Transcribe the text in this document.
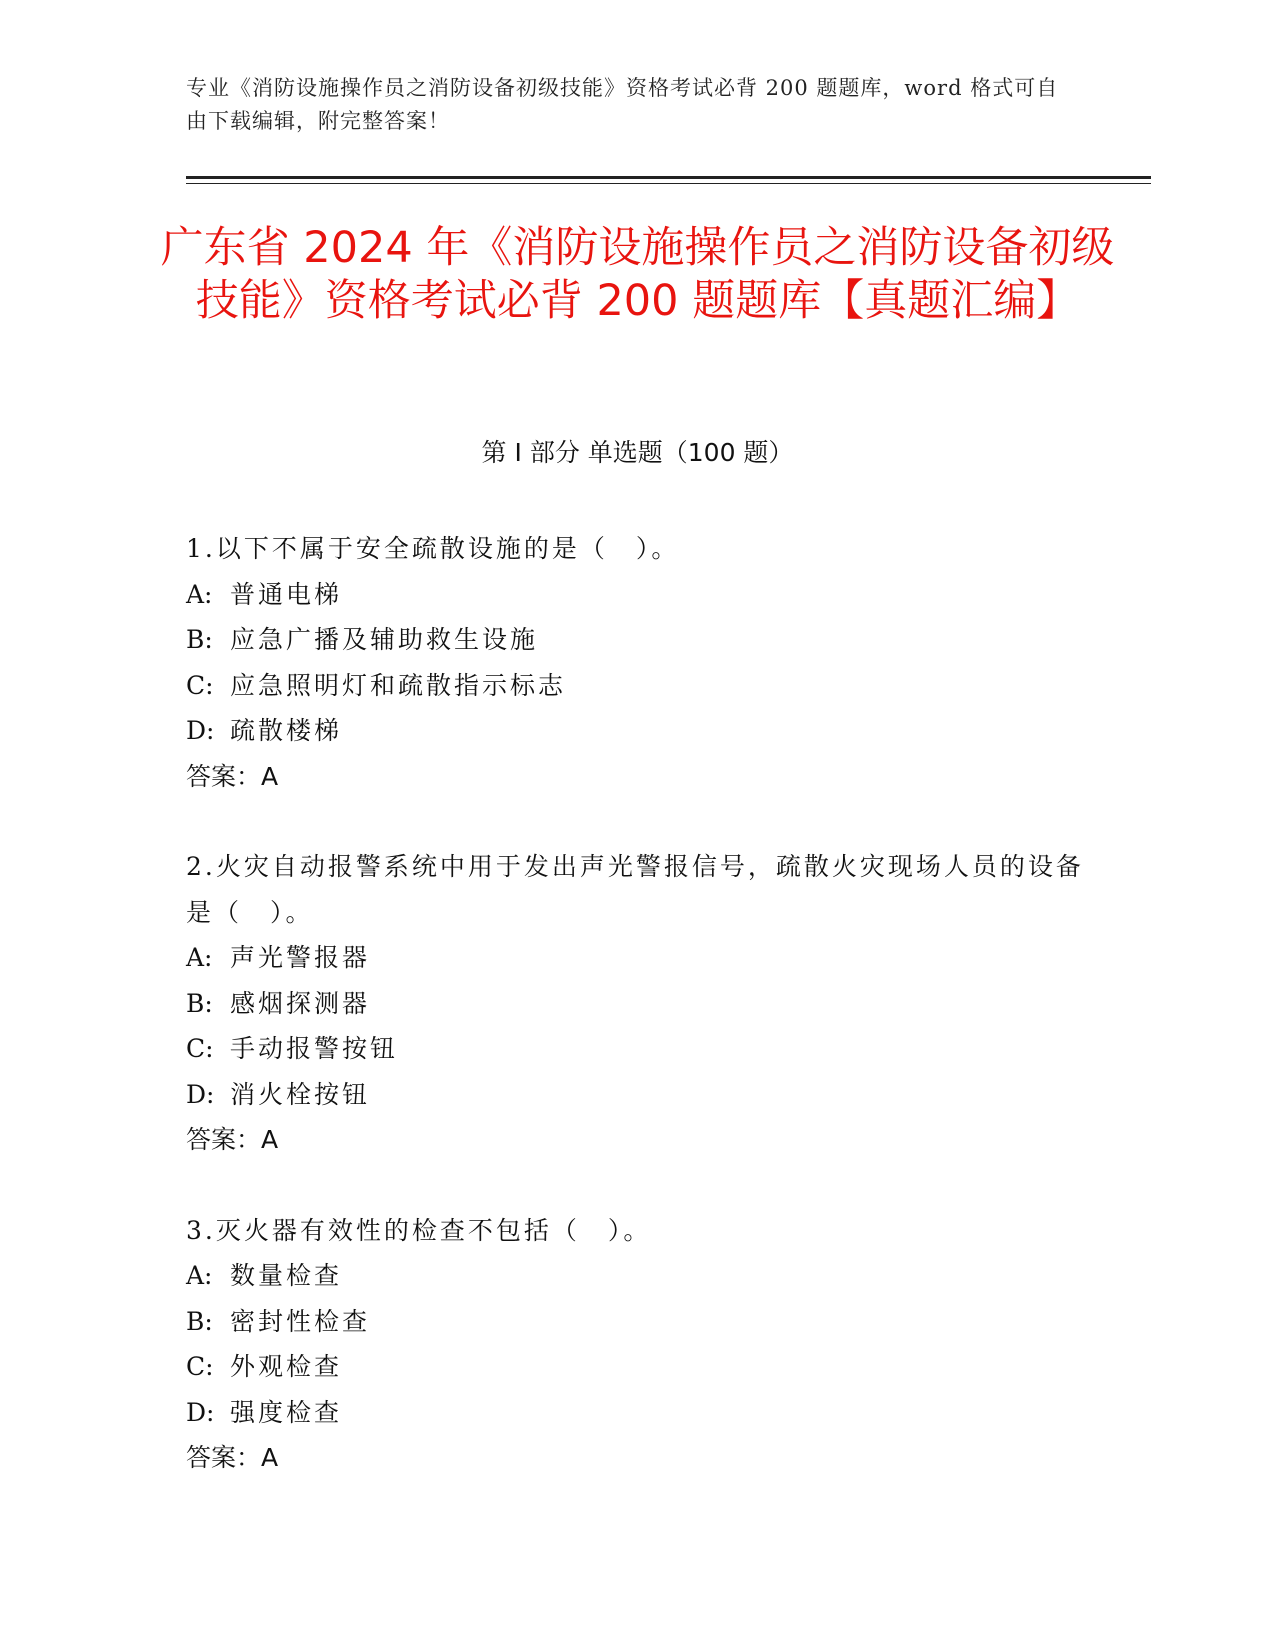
专业《消防设施操作员之消防设备初级技能》资格考试必背 200 题题库，word 格式可自由下载编辑，附完整答案！
广东省 2024 年《消防设施操作员之消防设备初级技能》资格考试必背 200 题题库【真题汇编】
第 I 部分 单选题（100 题）
1.以下不属于安全疏散设施的是（　）。
A: 普通电梯
B: 应急广播及辅助救生设施
C: 应急照明灯和疏散指示标志
D: 疏散楼梯
答案：A
2.火灾自动报警系统中用于发出声光警报信号，疏散火灾现场人员的设备是（　）。
A: 声光警报器
B: 感烟探测器
C: 手动报警按钮
D: 消火栓按钮
答案：A
3.灭火器有效性的检查不包括（　）。
A: 数量检查
B: 密封性检查
C: 外观检查
D: 强度检查
答案：A
